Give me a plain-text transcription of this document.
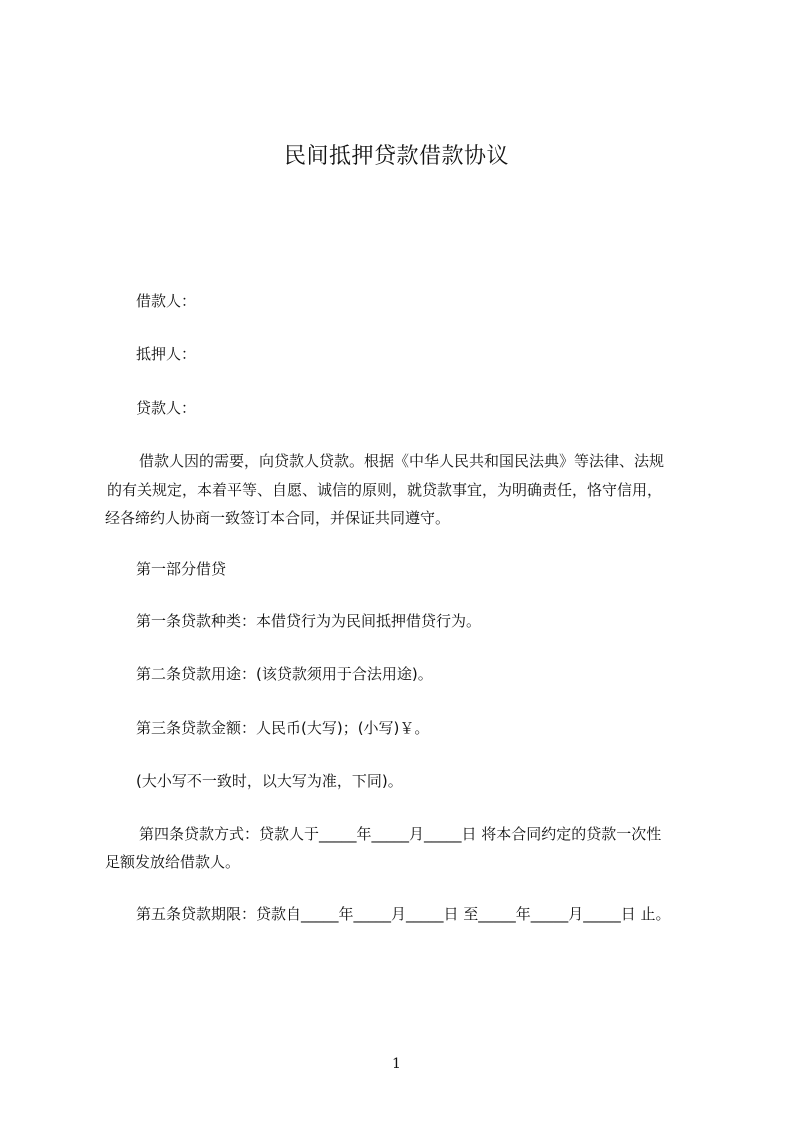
民间抵押贷款借款协议
借款人：
抵押人：
贷款人：
借款人因的需要，向贷款人贷款。根据《中华人民共和国民法典》等法律、法规
的有关规定，本着平等、自愿、诚信的原则，就贷款事宜，为明确责任，恪守信用，
经各缔约人协商一致签订本合同，并保证共同遵守。
第一部分借贷
第一条贷款种类：本借贷行为为民间抵押借贷行为。
第二条贷款用途：(该贷款须用于合法用途)。
第三条贷款金额：人民币(大写)；(小写)￥。
(大小写不一致时，以大写为准，下同)。
第四条贷款方式：贷款人于_____年_____月_____日 将本合同约定的贷款一次性
足额发放给借款人。
第五条贷款期限：贷款自_____年_____月_____日 至_____年_____月_____日 止。
1
